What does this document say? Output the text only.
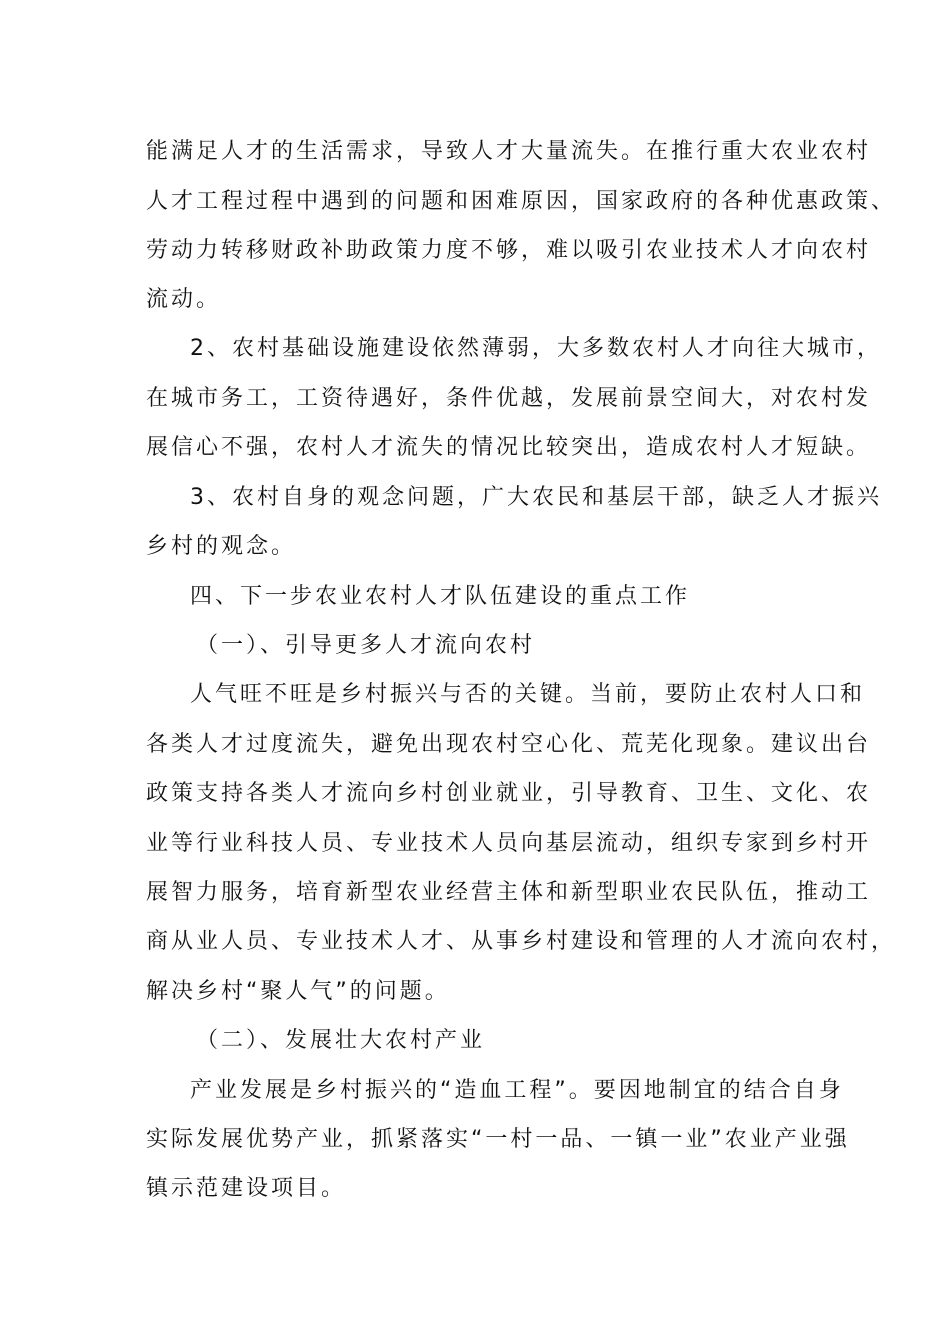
能满足人才的生活需求，导致人才大量流失。在推行重大农业农村
人才工程过程中遇到的问题和困难原因，国家政府的各种优惠政策、
劳动力转移财政补助政策力度不够，难以吸引农业技术人才向农村
流动。
2、农村基础设施建设依然薄弱，大多数农村人才向往大城市，
在城市务工，工资待遇好，条件优越，发展前景空间大，对农村发
展信心不强，农村人才流失的情况比较突出，造成农村人才短缺。
3、农村自身的观念问题，广大农民和基层干部，缺乏人才振兴
乡村的观念。
四、下一步农业农村人才队伍建设的重点工作
（一）、引导更多人才流向农村
人气旺不旺是乡村振兴与否的关键。当前，要防止农村人口和
各类人才过度流失，避免出现农村空心化、荒芜化现象。建议出台
政策支持各类人才流向乡村创业就业，引导教育、卫生、文化、农
业等行业科技人员、专业技术人员向基层流动，组织专家到乡村开
展智力服务，培育新型农业经营主体和新型职业农民队伍，推动工
商从业人员、专业技术人才、从事乡村建设和管理的人才流向农村，
解决乡村“聚人气”的问题。
（二）、发展壮大农村产业
产业发展是乡村振兴的“造血工程”。要因地制宜的结合自身
实际发展优势产业，抓紧落实“一村一品、一镇一业”农业产业强
镇示范建设项目。
